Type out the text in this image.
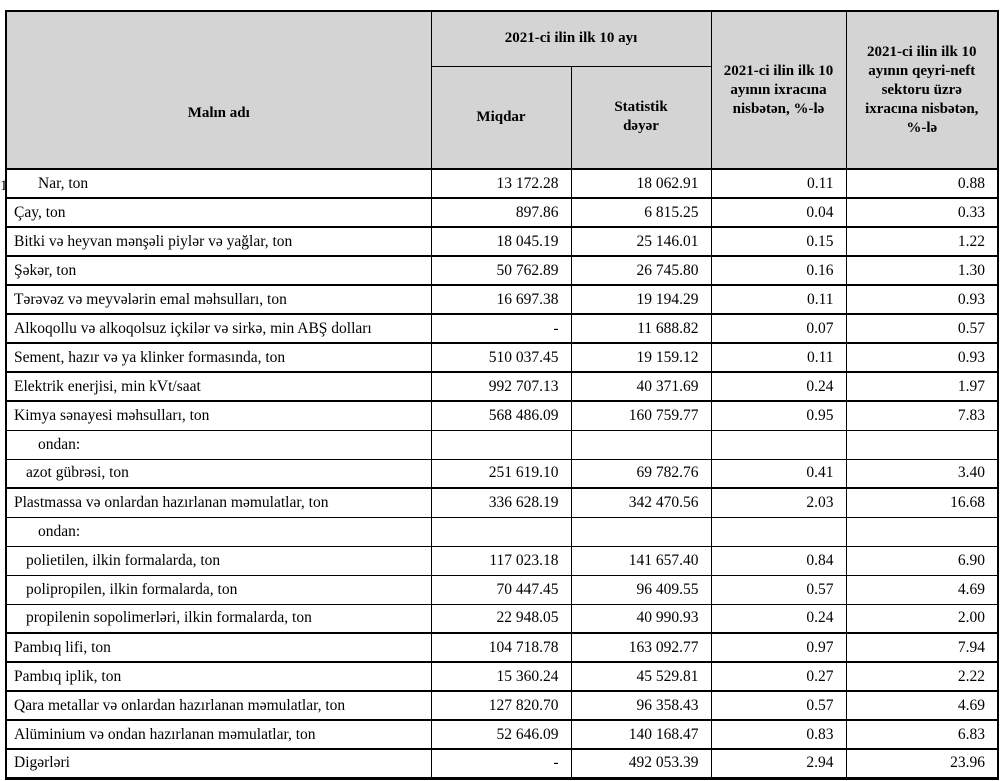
1
Malın adı	2021-ci ilin ilk 10 ayı		2021-ci ilin ilk 10 ayının ixracına nisbətən, %-lə	2021-ci ilin ilk 10 ayının qeyri-neft sektoru üzrə ixracına nisbətən, %-lə
	Miqdar	Statistik dəyər		
Nar, ton	13 172.28	18 062.91	0.11	0.88
Çay, ton	897.86	6 815.25	0.04	0.33
Bitki və heyvan mənşəli piylər və yağlar, ton	18 045.19	25 146.01	0.15	1.22
Şəkər, ton	50 762.89	26 745.80	0.16	1.30
Tərəvəz və meyvələrin emal məhsulları, ton	16 697.38	19 194.29	0.11	0.93
Alkoqollu və alkoqolsuz içkilər və sirkə, min ABŞ dolları	-	11 688.82	0.07	0.57
Sement, hazır və ya klinker formasında, ton	510 037.45	19 159.12	0.11	0.93
Elektrik enerjisi, min kVt/saat	992 707.13	40 371.69	0.24	1.97
Kimya sənayesi məhsulları, ton	568 486.09	160 759.77	0.95	7.83
ondan:				
azot gübrəsi, ton	251 619.10	69 782.76	0.41	3.40
Plastmassa və onlardan hazırlanan məmulatlar, ton	336 628.19	342 470.56	2.03	16.68
ondan:				
polietilen, ilkin formalarda, ton	117 023.18	141 657.40	0.84	6.90
polipropilen, ilkin formalarda, ton	70 447.45	96 409.55	0.57	4.69
propilenin sopolimerləri, ilkin formalarda, ton	22 948.05	40 990.93	0.24	2.00
Pambıq lifi, ton	104 718.78	163 092.77	0.97	7.94
Pambıq iplik, ton	15 360.24	45 529.81	0.27	2.22
Qara metallar və onlardan hazırlanan məmulatlar, ton	127 820.70	96 358.43	0.57	4.69
Alüminium və ondan hazırlanan məmulatlar, ton	52 646.09	140 168.47	0.83	6.83
Digərləri	-	492 053.39	2.94	23.96
